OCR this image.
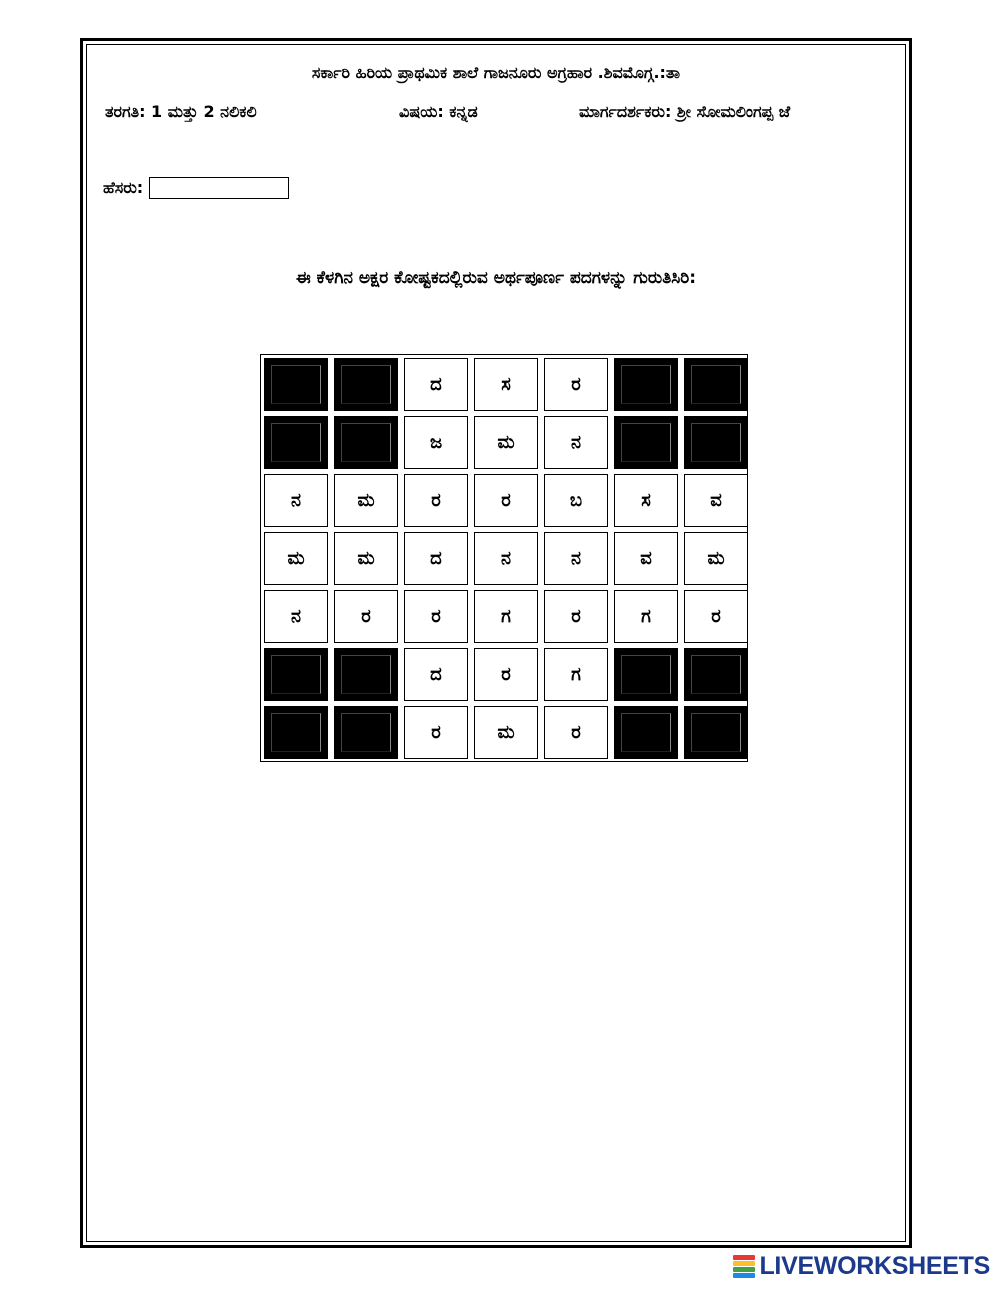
ಸರ್ಕಾರಿ ಹಿರಿಯ ಪ್ರಾಥಮಿಕ ಶಾಲೆ ಗಾಜನೂರು ಅಗ್ರಹಾರ .ಶಿವಮೊಗ್ಗ.:ತಾ
ತರಗತಿ: 1 ಮತ್ತು 2 ನಲಿಕಲಿ	ವಿಷಯ: ಕನ್ನಡ	ಮಾರ್ಗದರ್ಶಕರು: ಶ್ರೀ ಸೋಮಲಿಂಗಪ್ಪ ಜೆ
ಹೆಸರು:
ಈ ಕೆಳಗಿನ ಅಕ್ಷರ ಕೋಷ್ಟಕದಲ್ಲಿರುವ ಅರ್ಥಪೂರ್ಣ ಪದಗಳನ್ನು ಗುರುತಿಸಿರಿ:
ದ	ಸ	ರ
ಜ	ಮ	ನ
ನ	ಮ	ರ	ರ	ಬ	ಸ	ವ
ಮ	ಮ	ದ	ನ	ನ	ವ	ಮ
ನ	ರ	ರ	ಗ	ರ	ಗ	ರ
ದ	ರ	ಗ
ರ	ಮ	ರ
LIVEWORKSHEETS
